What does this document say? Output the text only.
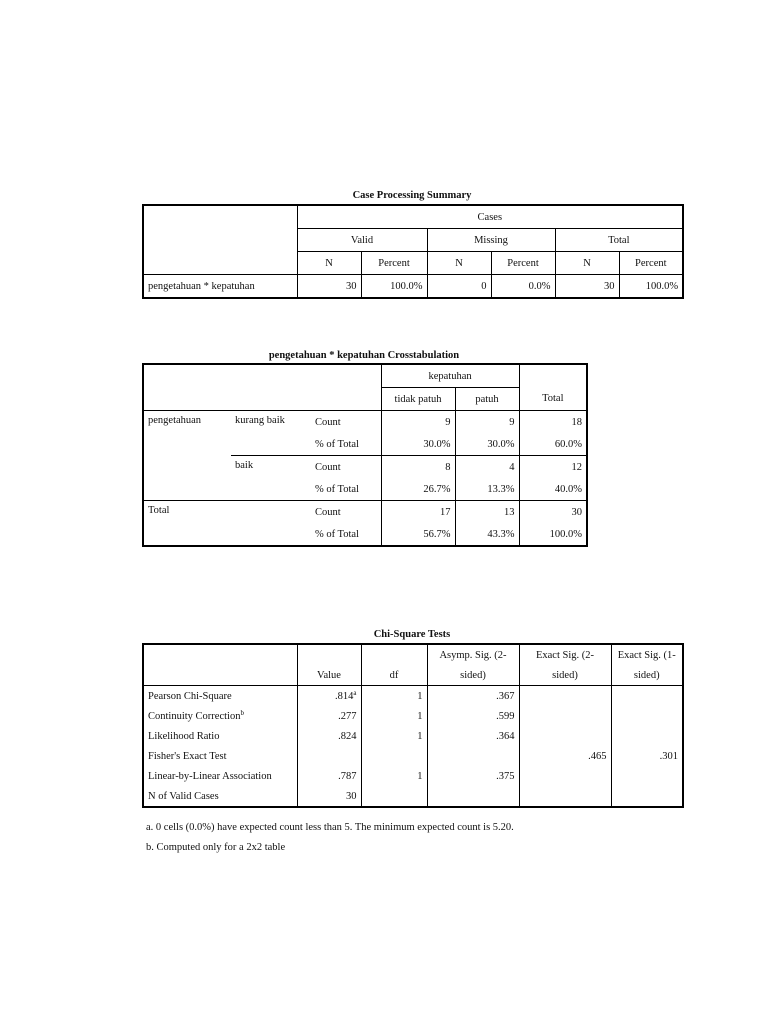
Case Processing Summary
	Cases					
	Valid		Missing		Total	
	N	Percent	N	Percent	N	Percent
pengetahuan * kepatuhan	30	100.0%	0	0.0%	30	100.0%
pengetahuan * kepatuhan Crosstabulation
			kepatuhan		
			tidak patuh	patuh	Total
pengetahuan	kurang baik	Count	9	9	18
		% of Total	30.0%	30.0%	60.0%
	baik	Count	8	4	12
		% of Total	26.7%	13.3%	40.0%
Total		Count	17	13	30
		% of Total	56.7%	43.3%	100.0%
Chi-Square Tests
			Asymp. Sig. (2-	Exact Sig. (2-	Exact Sig. (1-
	Value	df	sided)	sided)	sided)
Pearson Chi-Square	.814$^a$	1	.367		
Continuity Correction$^b$	.277	1	.599		
Likelihood Ratio	.824	1	.364		
Fisher's Exact Test				.465	.301
Linear-by-Linear Association	.787	1	.375		
N of Valid Cases	30				
a. 0 cells (0.0%) have expected count less than 5. The minimum expected count is 5.20.
b. Computed only for a 2x2 table
